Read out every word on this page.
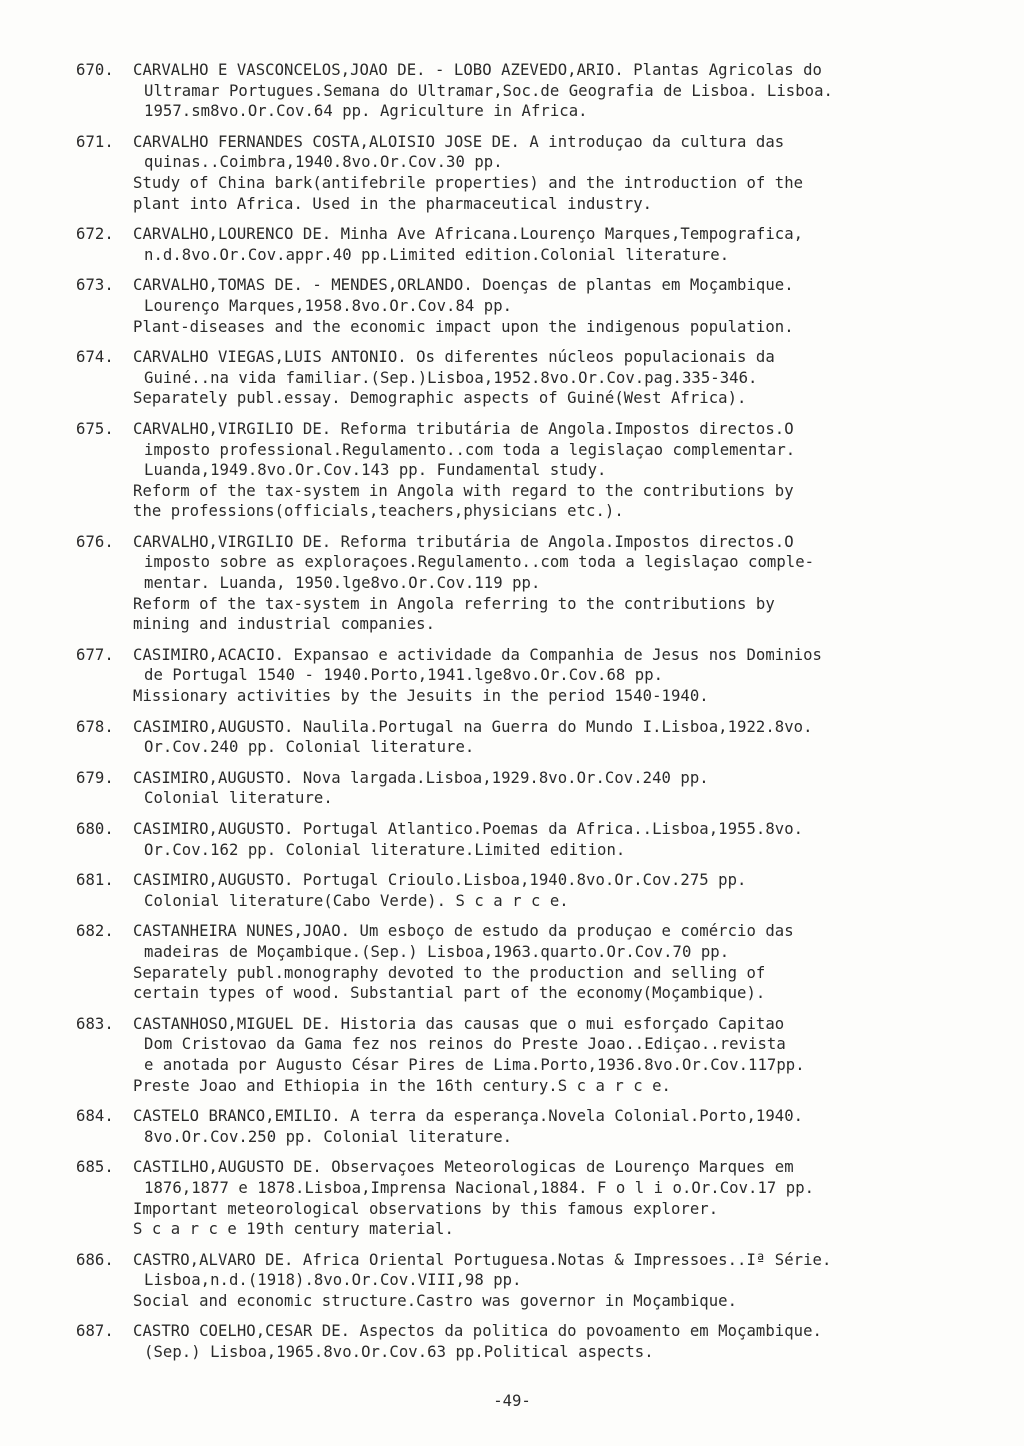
670.	CARVALHO E VASCONCELOS,JOAO DE. - LOBO AZEVEDO,ARIO. Plantas Agricolas do
Ultramar Portugues.Semana do Ultramar,Soc.de Geografia de Lisboa. Lisboa.
1957.sm8vo.Or.Cov.64 pp. Agriculture in Africa.
671.	CARVALHO FERNANDES COSTA,ALOISIO JOSE DE. A introduçao da cultura das
quinas..Coimbra,1940.8vo.Or.Cov.30 pp.
Study of China bark(antifebrile properties) and the introduction of the
plant into Africa. Used in the pharmaceutical industry.
672.	CARVALHO,LOURENCO DE. Minha Ave Africana.Lourenço Marques,Tempografica,
n.d.8vo.Or.Cov.appr.40 pp.Limited edition.Colonial literature.
673.	CARVALHO,TOMAS DE. - MENDES,ORLANDO. Doenças de plantas em Moçambique.
Lourenço Marques,1958.8vo.Or.Cov.84 pp.
Plant-diseases and the economic impact upon the indigenous population.
674.	CARVALHO VIEGAS,LUIS ANTONIO. Os diferentes núcleos populacionais da
Guiné..na vida familiar.(Sep.)Lisboa,1952.8vo.Or.Cov.pag.335-346.
Separately publ.essay. Demographic aspects of Guiné(West Africa).
675.	CARVALHO,VIRGILIO DE. Reforma tributária de Angola.Impostos directos.O
imposto professional.Regulamento..com toda a legislaçao complementar.
Luanda,1949.8vo.Or.Cov.143 pp. Fundamental study.
Reform of the tax-system in Angola with regard to the contributions by
the professions(officials,teachers,physicians etc.).
676.	CARVALHO,VIRGILIO DE. Reforma tributária de Angola.Impostos directos.O
imposto sobre as exploraçoes.Regulamento..com toda a legislaçao comple-
mentar. Luanda, 1950.lge8vo.Or.Cov.119 pp.
Reform of the tax-system in Angola referring to the contributions by
mining and industrial companies.
677.	CASIMIRO,ACACIO. Expansao e actividade da Companhia de Jesus nos Dominios
de Portugal 1540 - 1940.Porto,1941.lge8vo.Or.Cov.68 pp.
Missionary activities by the Jesuits in the period 1540-1940.
678.	CASIMIRO,AUGUSTO. Naulila.Portugal na Guerra do Mundo I.Lisboa,1922.8vo.
Or.Cov.240 pp. Colonial literature.
679.	CASIMIRO,AUGUSTO. Nova largada.Lisboa,1929.8vo.Or.Cov.240 pp.
Colonial literature.
680.	CASIMIRO,AUGUSTO. Portugal Atlantico.Poemas da Africa..Lisboa,1955.8vo.
Or.Cov.162 pp. Colonial literature.Limited edition.
681.	CASIMIRO,AUGUSTO. Portugal Crioulo.Lisboa,1940.8vo.Or.Cov.275 pp.
Colonial literature(Cabo Verde). S c a r c e.
682.	CASTANHEIRA NUNES,JOAO. Um esboço de estudo da produçao e comércio das
madeiras de Moçambique.(Sep.) Lisboa,1963.quarto.Or.Cov.70 pp.
Separately publ.monography devoted to the production and selling of
certain types of wood. Substantial part of the economy(Moçambique).
683.	CASTANHOSO,MIGUEL DE. Historia das causas que o mui esforçado Capitao
Dom Cristovao da Gama fez nos reinos do Preste Joao..Ediçao..revista
e anotada por Augusto César Pires de Lima.Porto,1936.8vo.Or.Cov.117pp.
Preste Joao and Ethiopia in the 16th century.S c a r c e.
684.	CASTELO BRANCO,EMILIO. A terra da esperança.Novela Colonial.Porto,1940.
8vo.Or.Cov.250 pp. Colonial literature.
685.	CASTILHO,AUGUSTO DE. Observaçoes Meteorologicas de Lourenço Marques em
1876,1877 e 1878.Lisboa,Imprensa Nacional,1884. F o l i o.Or.Cov.17 pp.
Important meteorological observations by this famous explorer.
S c a r c e 19th century material.
686.	CASTRO,ALVARO DE. Africa Oriental Portuguesa.Notas & Impressoes..Iª Série.
Lisboa,n.d.(1918).8vo.Or.Cov.VIII,98 pp.
Social and economic structure.Castro was governor in Moçambique.
687.	CASTRO COELHO,CESAR DE. Aspectos da politica do povoamento em Moçambique.
(Sep.) Lisboa,1965.8vo.Or.Cov.63 pp.Political aspects.
-49-
